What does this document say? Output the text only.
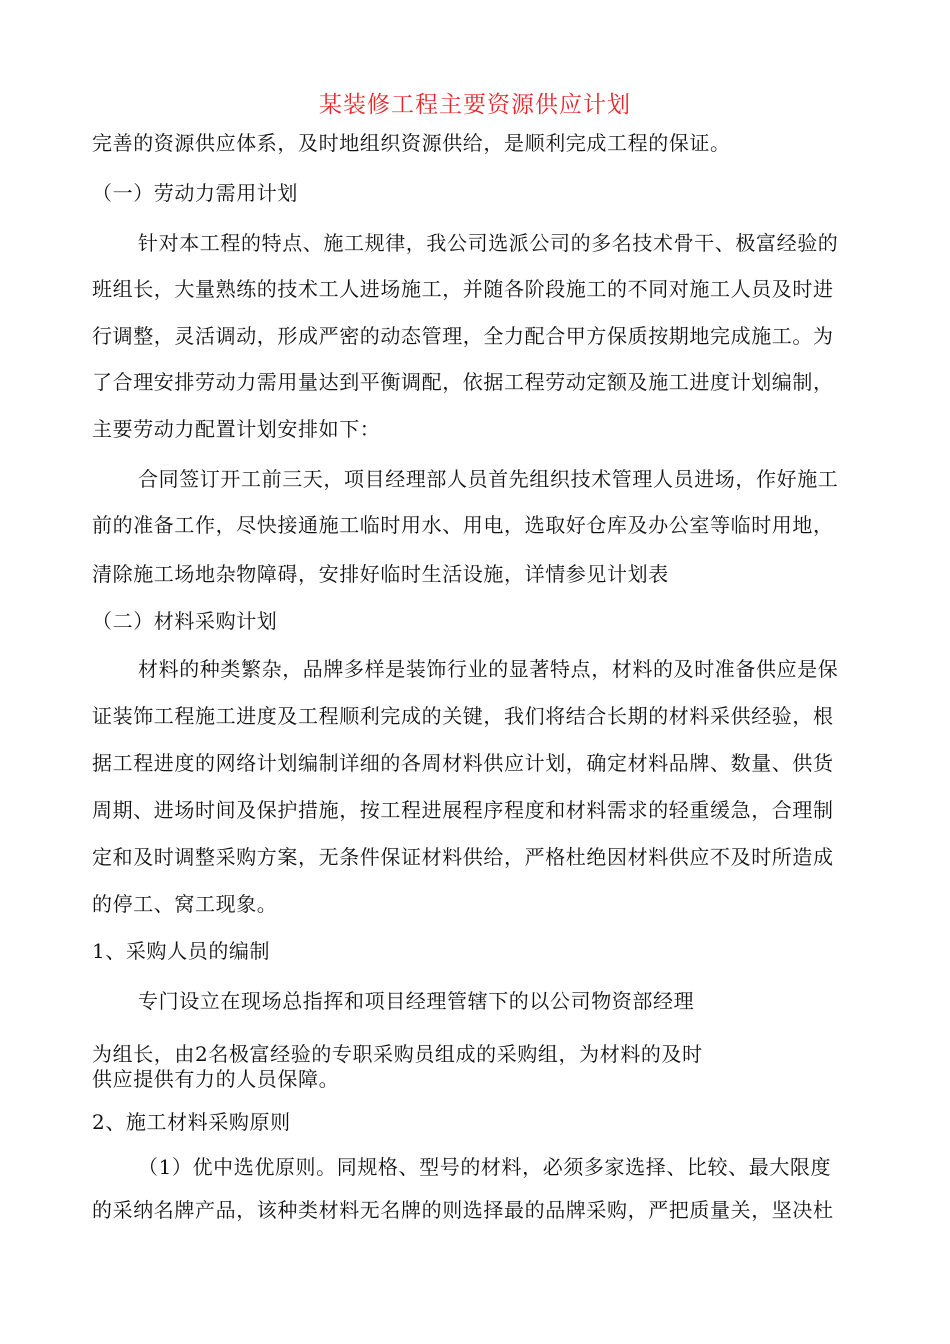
某装修工程主要资源供应计划
完善的资源供应体系，及时地组织资源供给，是顺利完成工程的保证。
（一）劳动力需用计划
针对本工程的特点、施工规律，我公司选派公司的多名技术骨干、极富经验的
班组长，大量熟练的技术工人进场施工，并随各阶段施工的不同对施工人员及时进
行调整，灵活调动，形成严密的动态管理，全力配合甲方保质按期地完成施工。为
了合理安排劳动力需用量达到平衡调配，依据工程劳动定额及施工进度计划编制，
主要劳动力配置计划安排如下：
合同签订开工前三天，项目经理部人员首先组织技术管理人员进场，作好施工
前的准备工作，尽快接通施工临时用水、用电，选取好仓库及办公室等临时用地，
清除施工场地杂物障碍，安排好临时生活设施，详情参见计划表
（二）材料采购计划
材料的种类繁杂，品牌多样是装饰行业的显著特点，材料的及时准备供应是保
证装饰工程施工进度及工程顺利完成的关键，我们将结合长期的材料采供经验，根
据工程进度的网络计划编制详细的各周材料供应计划，确定材料品牌、数量、供货
周期、进场时间及保护措施，按工程进展程序程度和材料需求的轻重缓急，合理制
定和及时调整采购方案，无条件保证材料供给，严格杜绝因材料供应不及时所造成
的停工、窝工现象。
1、采购人员的编制
专门设立在现场总指挥和项目经理管辖下的以公司物资部经理
为组长，由2名极富经验的专职采购员组成的采购组，为材料的及时
供应提供有力的人员保障。
2、施工材料采购原则
（1）优中选优原则。同规格、型号的材料，必须多家选择、比较、最大限度
的采纳名牌产品，该种类材料无名牌的则选择最的品牌采购，严把质量关，坚决杜
